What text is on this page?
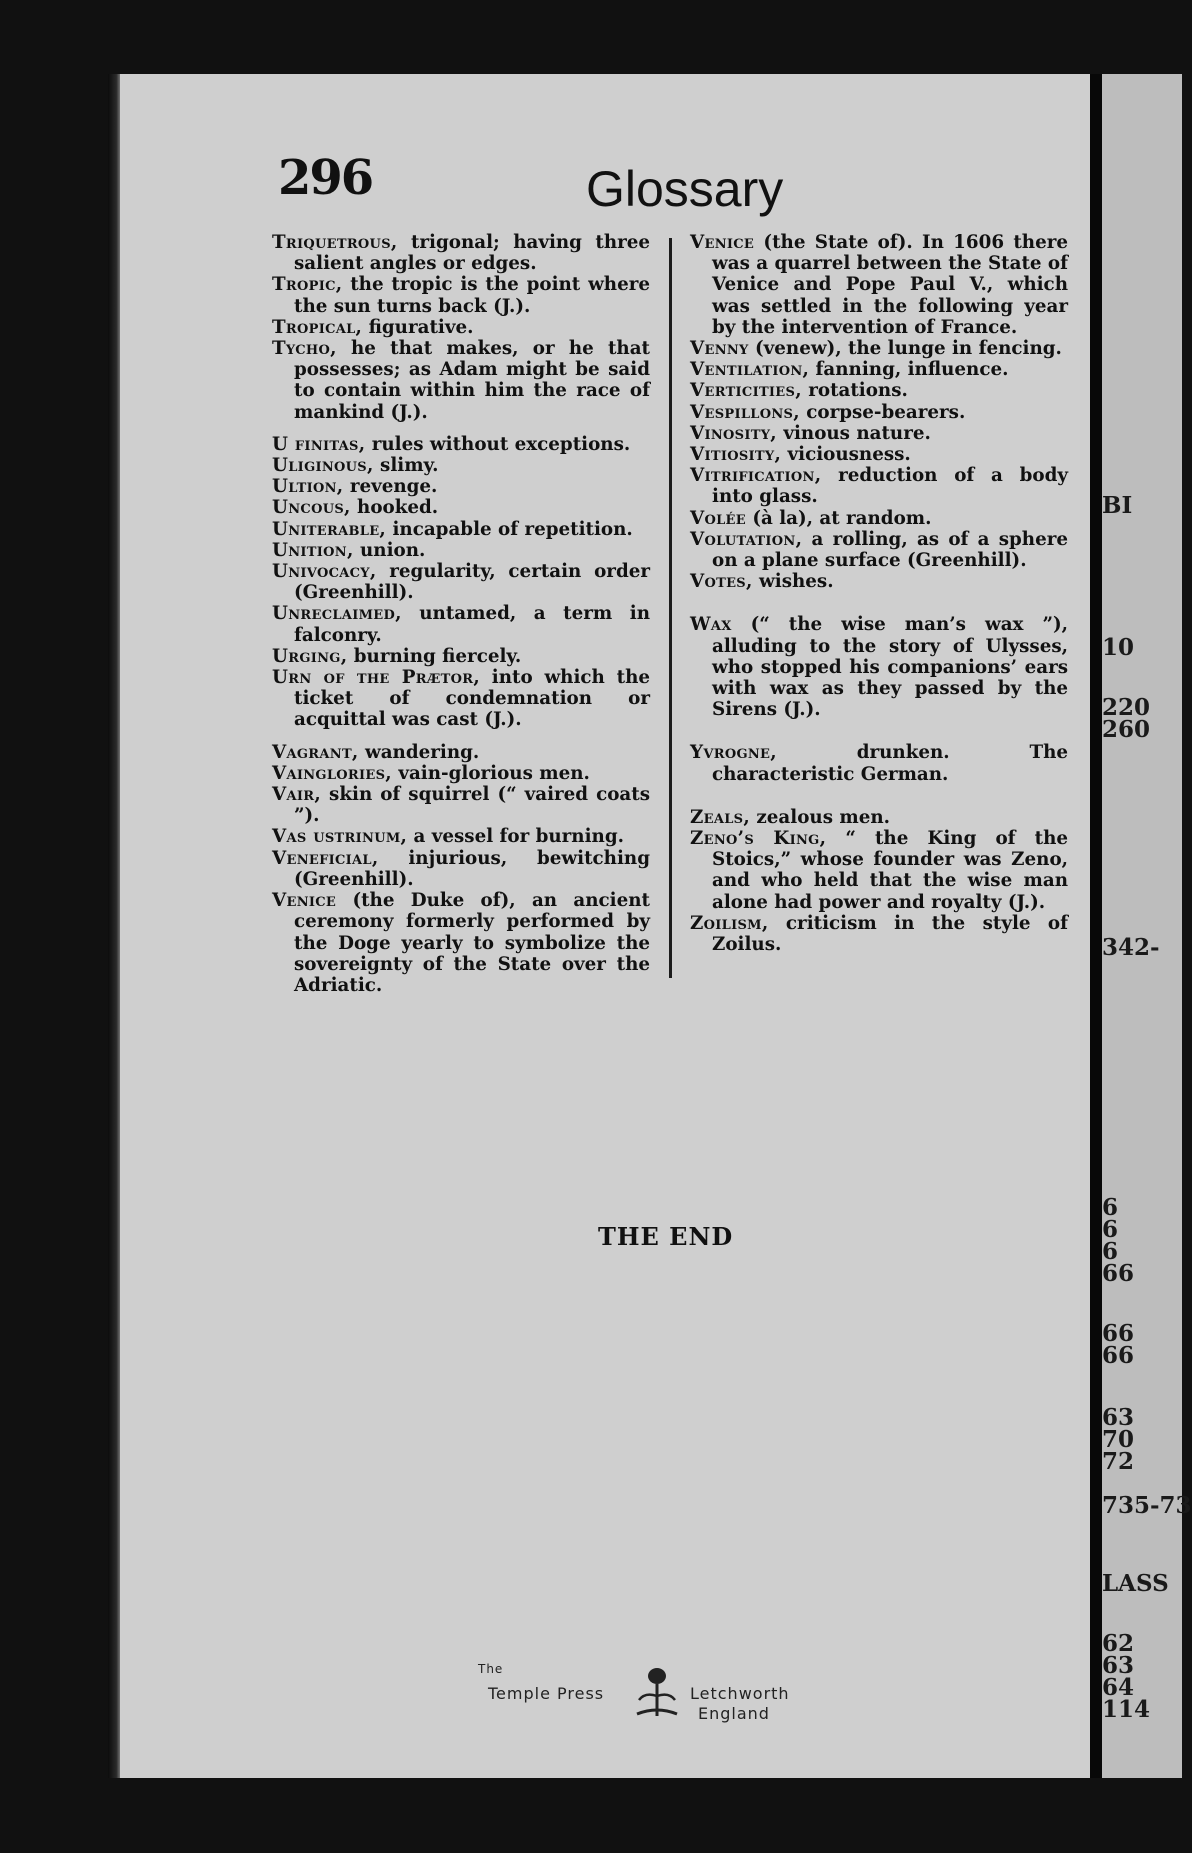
296	Glossary

Triquetrous, trigonal; having three salient angles or edges.

Tropic, the tropic is the point where the sun turns back (J.).

Tropical, figurative.

Tycho, he that makes, or he that possesses; as Adam might be said to contain within him the race of mankind (J.).

U finitas, rules without exceptions.

Uliginous, slimy.

Ultion, revenge.

Uncous, hooked.

Uniterable, incapable of repetition.

Unition, union.

Univocacy, regularity, certain order (Greenhill).

Unreclaimed, untamed, a term in falconry.

Urging, burning fiercely.

Urn of the Prætor, into which the ticket of condemnation or acquittal was cast (J.).

Vagrant, wandering.

Vainglories, vain-glorious men.

Vair, skin of squirrel (“ vaired coats ”).

Vas ustrinum, a vessel for burning.

Veneficial, injurious, bewitching (Greenhill).

Venice (the Duke of), an ancient ceremony formerly performed by the Doge yearly to symbolize the sovereignty of the State over the Adriatic.

Venice (the State of). In 1606 there was a quarrel between the State of Venice and Pope Paul V., which was settled in the following year by the intervention of France.

Venny (venew), the lunge in fencing.

Ventilation, fanning, influence.

Verticities, rotations.

Vespillons, corpse-bearers.

Vinosity, vinous nature.

Vitiosity, viciousness.

Vitrification, reduction of a body into glass.

Volée (à la), at random.

Volutation, a rolling, as of a sphere on a plane surface (Greenhill).

Votes, wishes.

Wax (“ the wise man’s wax ”), alluding to the story of Ulysses, who stopped his companions’ ears with wax as they passed by the Sirens (J.).

Yvrogne, drunken. The characteristic German.

Zeals, zealous men.

Zeno’s King, “ the King of the Stoics,” whose founder was Zeno, and who held that the wise man alone had power and royalty (J.).

Zoilism, criticism in the style of Zoilus.

THE END
The
Temple Press	Letchworth
England
BI
10
220
260
342-
6
6
6
66
66
66
63
70
72
735-73
LASS
62
63
64
114
